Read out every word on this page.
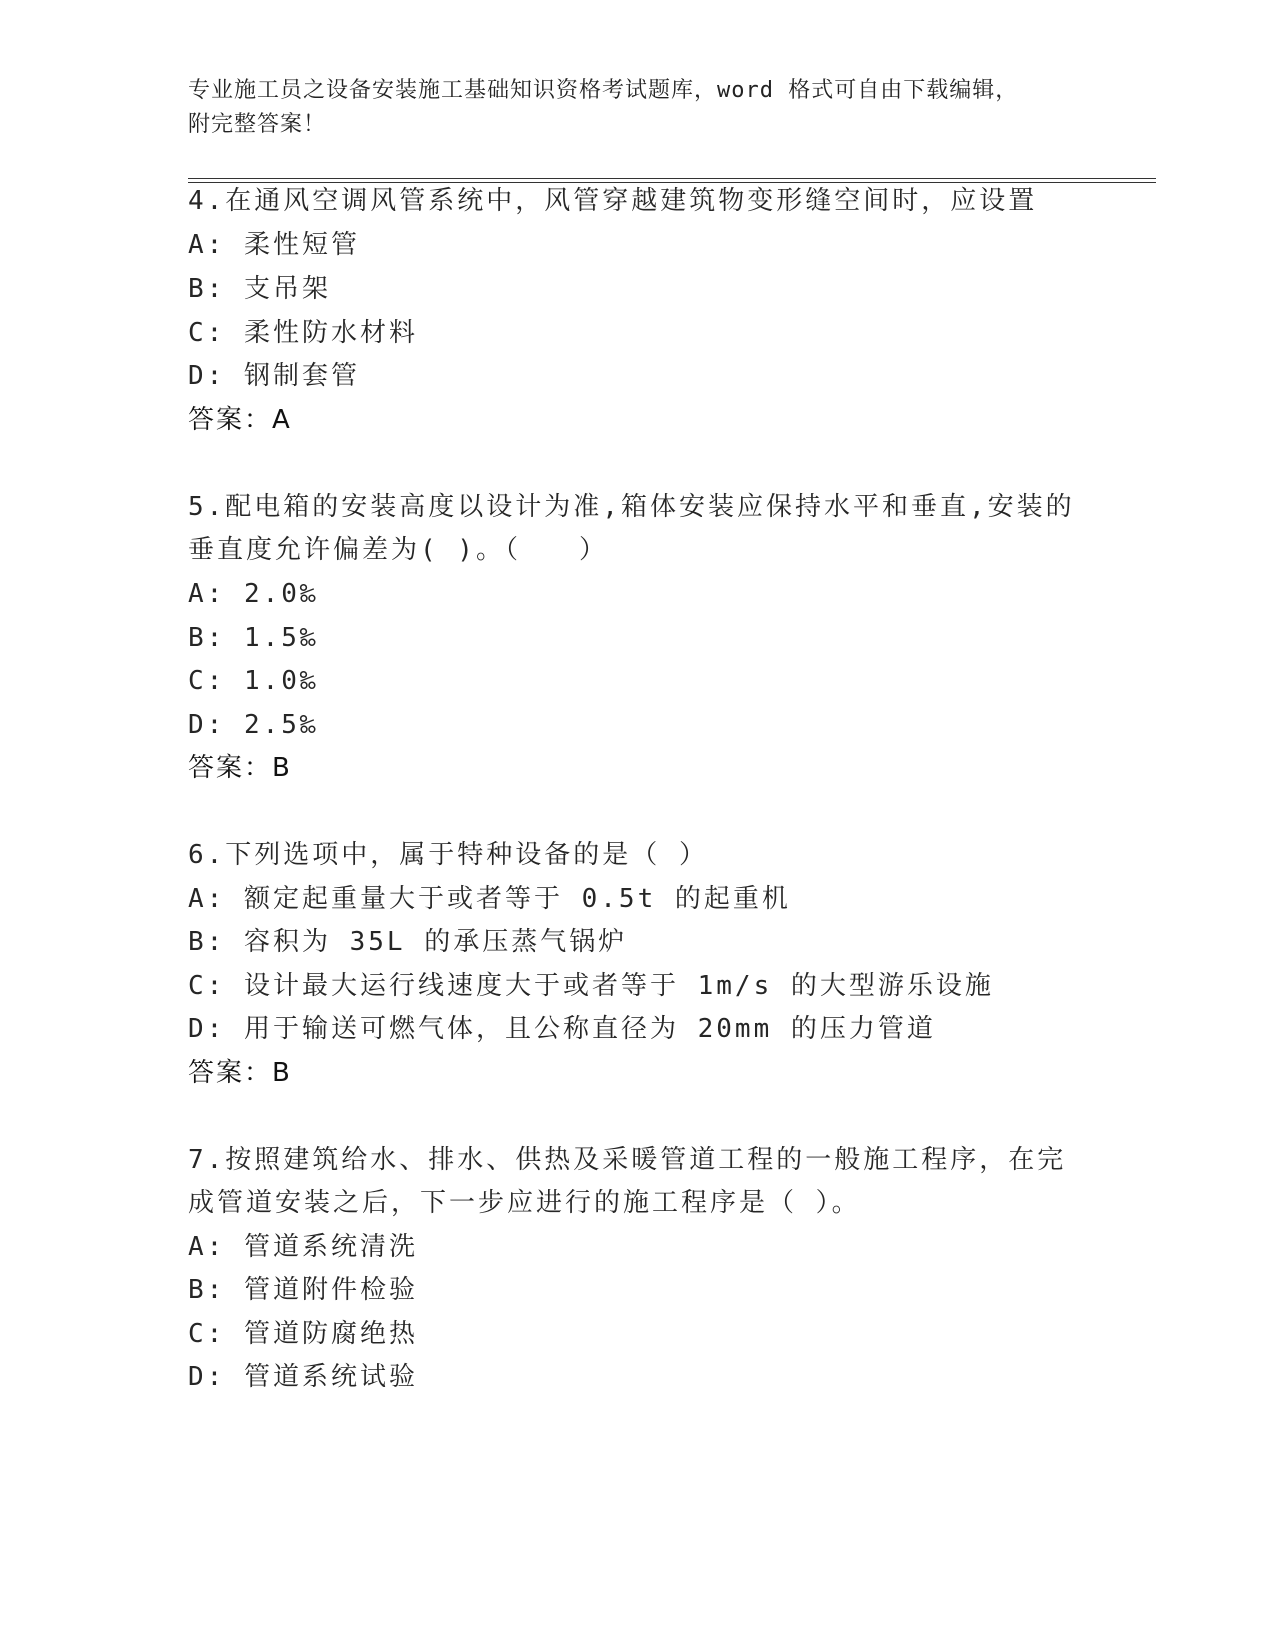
专业施工员之设备安装施工基础知识资格考试题库，word 格式可自由下载编辑，
附完整答案！
4.在通风空调风管系统中，风管穿越建筑物变形缝空间时，应设置
A: 柔性短管
B: 支吊架
C: 柔性防水材料
D: 钢制套管
答案：A
5.配电箱的安装高度以设计为准,箱体安装应保持水平和垂直,安装的
垂直度允许偏差为( )。（　　）
A: 2.0‰
B: 1.5‰
C: 1.0‰
D: 2.5‰
答案：B
6.下列选项中，属于特种设备的是（ ）
A: 额定起重量大于或者等于 0.5t 的起重机
B: 容积为 35L 的承压蒸气锅炉
C: 设计最大运行线速度大于或者等于 1m/s 的大型游乐设施
D: 用于输送可燃气体，且公称直径为 20mm 的压力管道
答案：B
7.按照建筑给水、排水、供热及采暖管道工程的一般施工程序，在完
成管道安装之后，下一步应进行的施工程序是（ ）。
A: 管道系统清洗
B: 管道附件检验
C: 管道防腐绝热
D: 管道系统试验
